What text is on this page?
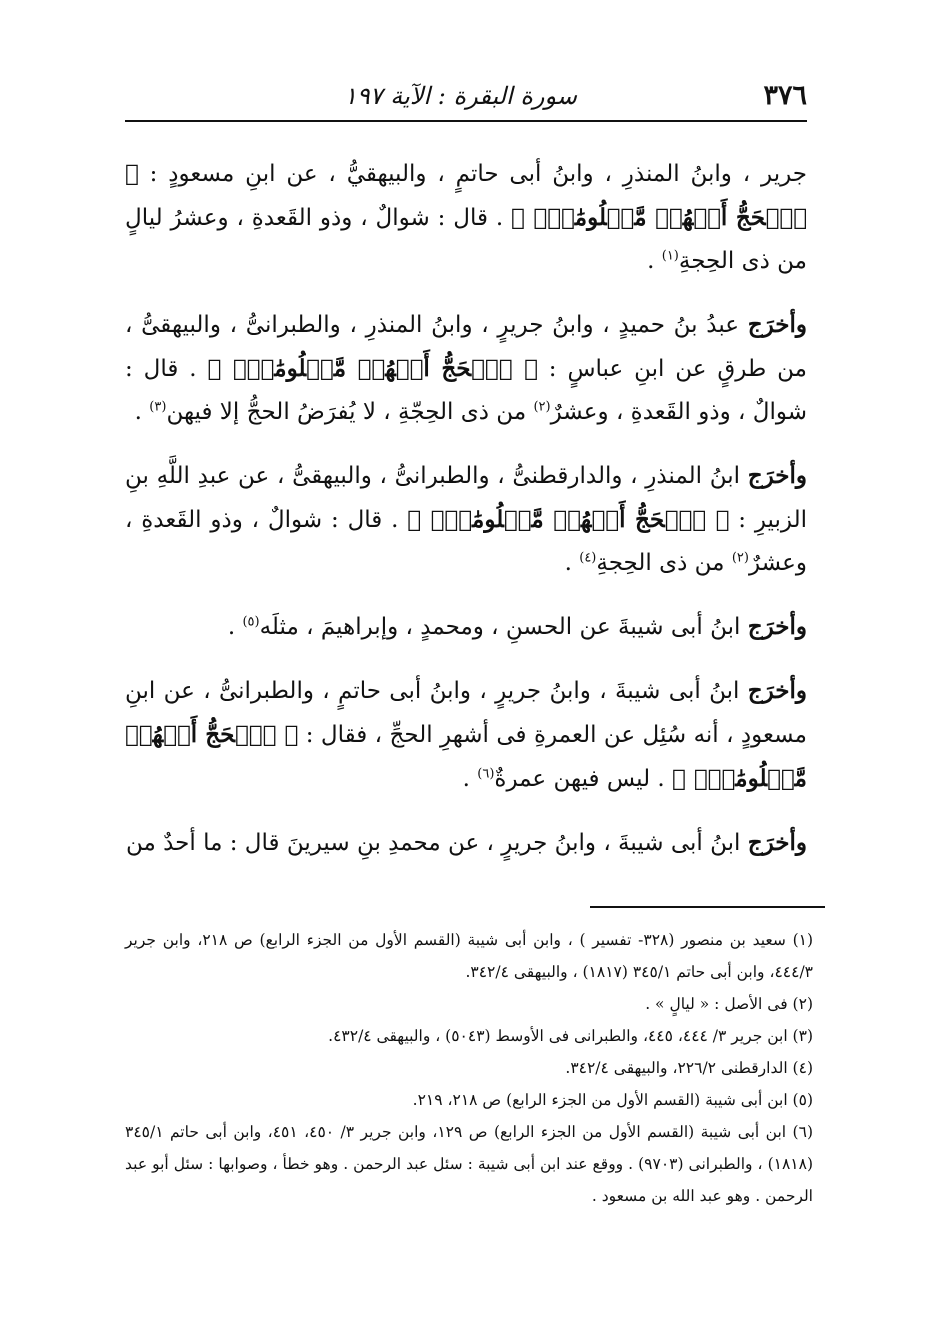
٣٧٦
سورة البقرة : الآية ١٩٧

جرير ، وابنُ المنذرِ ، وابنُ أبى حاتمٍ ، والبيهقيُّ ، عن ابنِ مسعودٍ : ﴿ ٱلۡحَجُّ أَشۡهُرٞ مَّعۡلُومَٰتٞۚ ﴾ . قال : شوالٌ ، وذو القَعدةِ ، وعشرُ ليالٍ من ذى الحِجةِ$^{(١)}$ .

وأخرَج عبدُ بنُ حميدٍ ، وابنُ جريرٍ ، وابنُ المنذرِ ، والطبرانىُّ ، والبيهقىُّ ، من طرقٍ عن ابنِ عباسٍ : ﴿ ٱلۡحَجُّ أَشۡهُرٞ مَّعۡلُومَٰتٞۚ ﴾ . قال : شوالٌ ، وذو القَعدةِ ، وعشرٌ$^{(٢)}$ من ذى الحِجّةِ ، لا يُفرَضُ الحجُّ إلا فيهن$^{(٣)}$ .

وأخرَج ابنُ المنذرِ ، والدارقطنىُّ ، والطبرانىُّ ، والبيهقىُّ ، عن عبدِ اللَّهِ بنِ الزبيرِ : ﴿ ٱلۡحَجُّ أَشۡهُرٞ مَّعۡلُومَٰتٞۚ ﴾ . قال : شوالٌ ، وذو القَعدةِ ، وعشرٌ$^{(٢)}$ من ذى الحِجةِ$^{(٤)}$ .

وأخرَج ابنُ أبى شيبةَ عن الحسنِ ، ومحمدٍ ، وإبراهيمَ ، مثلَه$^{(٥)}$ .

وأخرَج ابنُ أبى شيبةَ ، وابنُ جريرٍ ، وابنُ أبى حاتمٍ ، والطبرانىُّ ، عن ابنِ مسعودٍ ، أنه سُئِل عن العمرةِ فى أشهرِ الحجِّ ، فقال : ﴿ ٱلۡحَجُّ أَشۡهُرٞ مَّعۡلُومَٰتٞۚ ﴾ . ليس فيهن عمرةٌ$^{(٦)}$ .

وأخرَج ابنُ أبى شيبةَ ، وابنُ جريرٍ ، عن محمدِ بنِ سيرينَ قال : ما أحدٌ من

(١) سعيد بن منصور (٣٢٨- تفسير ) ، وابن أبى شيبة (القسم الأول من الجزء الرابع) ص ٢١٨، وابن جرير ٤٤٤/٣، وابن أبى حاتم ٣٤٥/١ (١٨١٧) ، والبيهقى ٣٤٢/٤.

(٢) فى الأصل : « ليالٍ » .

(٣) ابن جرير ٣/ ٤٤٤، ٤٤٥، والطبرانى فى الأوسط (٥٠٤٣) ، والبيهقى ٤٣٢/٤.

(٤) الدارقطنى ٢٢٦/٢، والبيهقى ٣٤٢/٤.

(٥) ابن أبى شيبة (القسم الأول من الجزء الرابع) ص ٢١٨، ٢١٩.

(٦) ابن أبى شيبة (القسم الأول من الجزء الرابع) ص ١٢٩، وابن جرير ٣/ ٤٥٠، ٤٥١، وابن أبى حاتم ٣٤٥/١ (١٨١٨) ، والطبرانى (٩٧٠٣) . ووقع عند ابن أبى شيبة : سئل عبد الرحمن . وهو خطأ ، وصوابها : سئل أبو عبد الرحمن . وهو عبد الله بن مسعود .
